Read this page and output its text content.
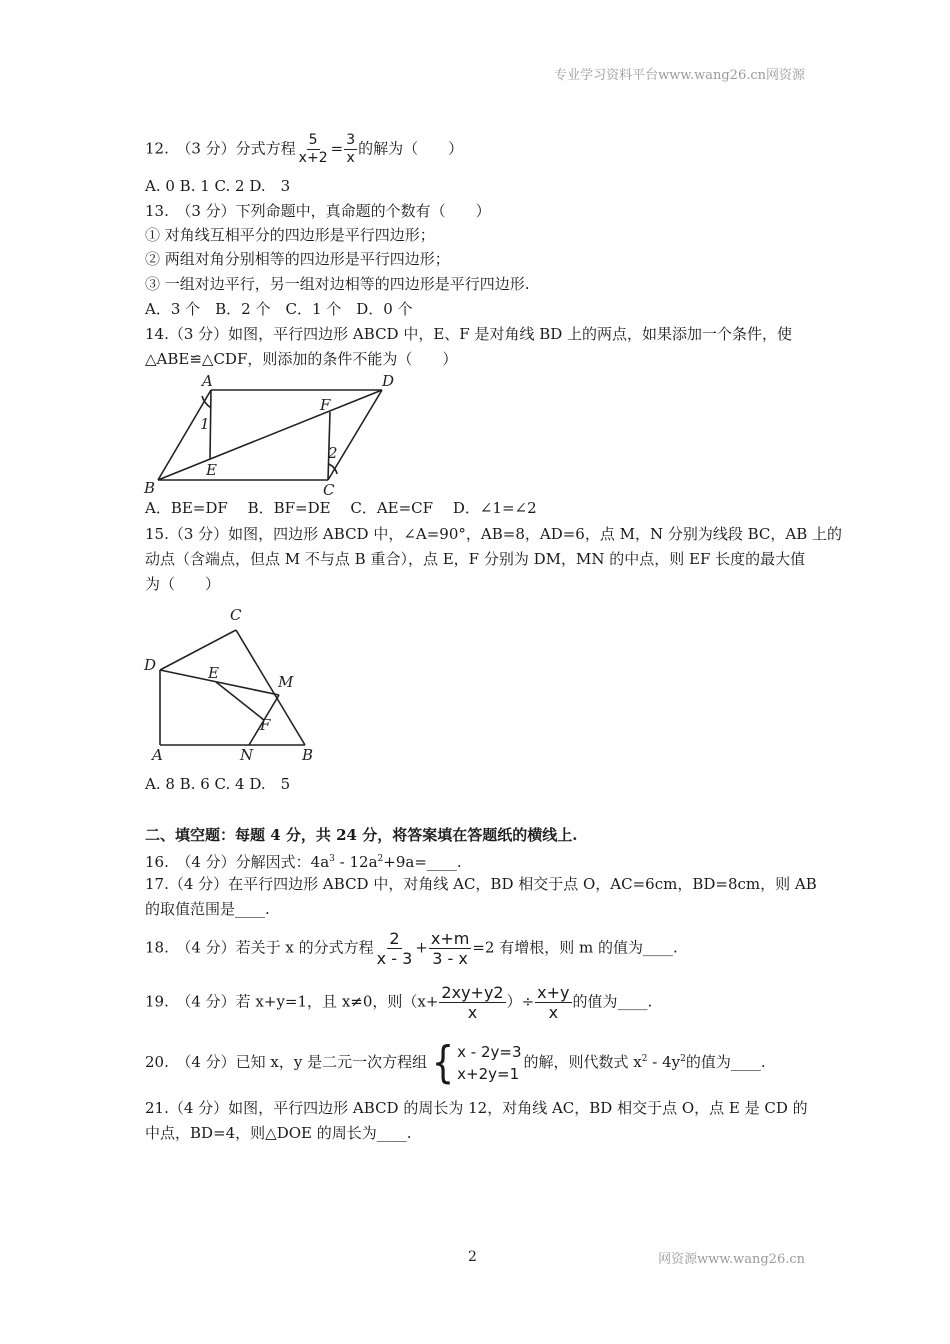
专业学习资料平台www.wang26.cn网资源
12.　（3 分）分式方程 $\frac{5}{x+2} = \frac{3}{x}$ 的解为（　　）
A. 0 B. 1 C. 2 D.　3
13.　（3 分）下列命题中，真命题的个数有（　　）
① 对角线互相平分的四边形是平行四边形；
② 两组对角分别相等的四边形是平行四边形；
③ 一组对边平行，另一组对边相等的四边形是平行四边形.
A．3 个　B．2 个　C．1 个　D．0 个
14.（3 分）如图，平行四边形 ABCD 中，E、F 是对角线 BD 上的两点，如果添加一个条件，使
△ABE≌△CDF，则添加的条件不能为（　　）
A	D
B	C
E
F
1
2
A．BE=DF　 B．BF=DE　 C．AE=CF　 D．∠1=∠2
15.（3 分）如图，四边形 ABCD 中，∠A=90°，AB=8，AD=6，点 M，N 分别为线段 BC，AB 上的
动点（含端点，但点 M 不与点 B 重合），点 E，F 分别为 DM，MN 的中点，则 EF 长度的最大值
为（　　）
C
D	E	M
F
A	N	B
A. 8 B. 6 C. 4 D.　5
二、填空题：每题 4 分，共 24 分，将答案填在答题纸的横线上.
16.　（4 分）分解因式：$4a^3$ - $12a^2+9a=\_\_\_\_$.
17.（4 分）在平行四边形 ABCD 中，对角线 AC，BD 相交于点 O，AC=6cm，BD=8cm，则 AB
的取值范围是____.
18.　（4 分）若关于 x 的分式方程 $\frac{2}{x - 3} + \frac{x+m}{3 - x} =2$ 有增根，则 m 的值为____.
19.　（4 分）若 x+y=1，且 x≠0，则（$x+ \frac{2xy+y2}{x}$ ）÷ $\frac{x+y}{x}$ 的值为____.
20.　（4 分）已知 x，y 是二元一次方程组 { x - 2y=3
x+2y=1
的解，则代数式 $x^2 - 4y^2$的值为____.
21.（4 分）如图，平行四边形 ABCD 的周长为 12，对角线 AC，BD 相交于点 O，点 E 是 CD 的
中点，BD=4，则△DOE 的周长为____.
2	网资源www.wang26.cn
